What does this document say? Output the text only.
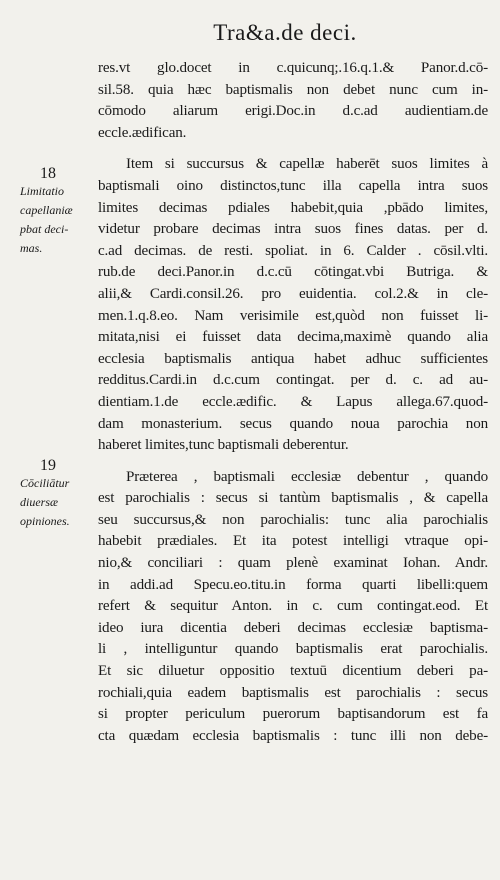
Tra&a.de deci.
res.vt glo.docet in c.quicunq;.16.q.1.& Panor.d.cō-
sil.58. quia hæc baptismalis non debet nunc cum in-
cōmodo aliarum erigi.Doc.in d.c.ad audientiam.de
eccle.ædifican.
Item si succursus & capellæ haberēt suos limites à
baptismali oino distinctos,tunc illa capella intra suos
limites decimas pdiales habebit,quia ,pbādo limites,
videtur probare decimas intra suos fines datas. per d.
c.ad decimas. de resti. spoliat. in 6. Calder . cōsil.vlti.
rub.de deci.Panor.in d.c.cū cōtingat.vbi Butriga. &
alii,& Cardi.consil.26. pro euidentia. col.2.& in cle-
men.1.q.8.eo. Nam verisimile est,quòd non fuisset li-
mitata,nisi ei fuisset data decima,maximè quando alia
ecclesia baptismalis antiqua habet adhuc sufficientes
redditus.Cardi.in d.c.cum contingat. per d. c. ad au-
dientiam.1.de eccle.ædific. & Lapus allega.67.quod-
dam monasterium. secus quando noua parochia non
haberet limites,tunc baptismali deberentur.
Præterea , baptismali ecclesiæ debentur , quando
est parochialis : secus si tantùm baptismalis , & capella
seu succursus,& non parochialis: tunc alia parochialis
habebit prædiales. Et ita potest intelligi vtraque opi-
nio,& conciliari : quam plenè examinat Iohan. Andr.
in addi.ad Specu.eo.titu.in forma quarti libelli:quem
refert & sequitur Anton. in c. cum contingat.eod. Et
ideo iura dicentia deberi decimas ecclesiæ baptisma-
li , intelliguntur quando baptismalis erat parochialis.
Et sic diluetur oppositio textuū dicentium deberi pa-
rochiali,quia eadem baptismalis est parochialis : secus
si propter periculum puerorum baptisandorum est fa
cta quædam ecclesia baptismalis : tunc illi non debe-
18
Limitatio
capellaniæ
pbat deci-
mas.
19
Cōciliātur
diuersæ
opiniones.
